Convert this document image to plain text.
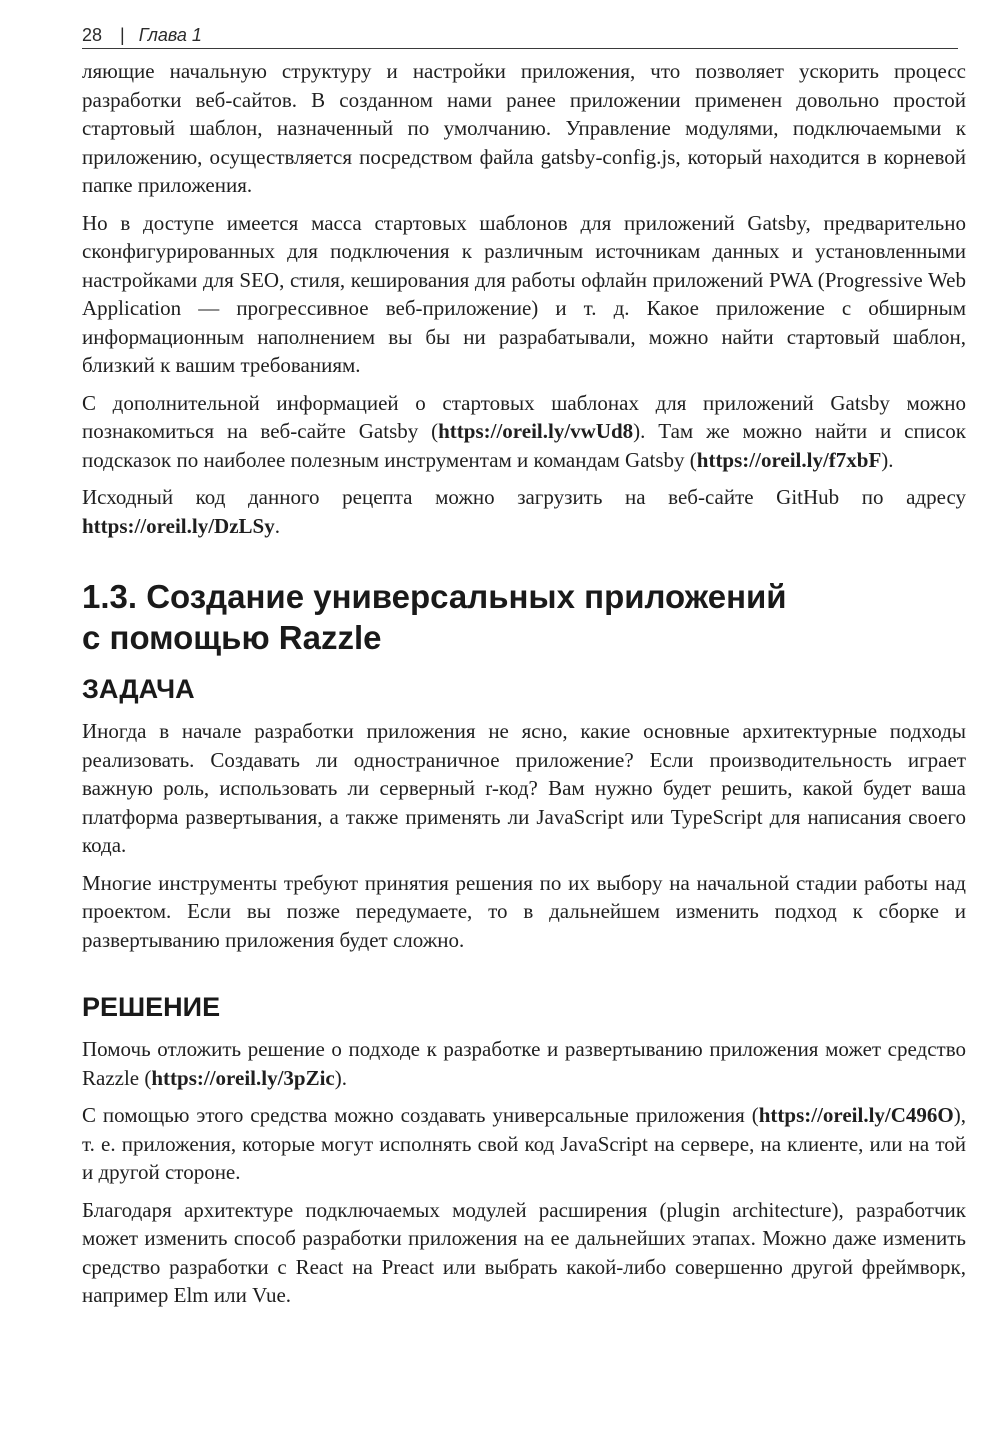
28 | Глава 1

ляющие начальную структуру и настройки приложения, что позволяет ускорить процесс разработки веб-сайтов. В созданном нами ранее приложении применен довольно простой стартовый шаблон, назначенный по умолчанию. Управление модулями, подключаемыми к приложению, осуществляется посредством файла gatsby-config.js, который находится в корневой папке приложения.

Но в доступе имеется масса стартовых шаблонов для приложений Gatsby, предварительно сконфигурированных для подключения к различным источникам данных и установленными настройками для SEO, стиля, кеширования для работы офлайн приложений PWA (Progressive Web Application — прогрессивное веб-приложение) и т. д. Какое приложение с обширным информационным наполнением вы бы ни разрабатывали, можно найти стартовый шаблон, близкий к вашим требованиям.

С дополнительной информацией о стартовых шаблонах для приложений Gatsby можно познакомиться на веб-сайте Gatsby (https://oreil.ly/vwUd8). Там же можно найти и список подсказок по наиболее полезным инструментам и командам Gatsby (https://oreil.ly/f7xbF).

Исходный код данного рецепта можно загрузить на веб-сайте GitHub по адресу https://oreil.ly/DzLSy.

1.3. Создание универсальных приложений
с помощью Razzle
ЗАДАЧА

Иногда в начале разработки приложения не ясно, какие основные архитектурные подходы реализовать. Создавать ли одностраничное приложение? Если производительность играет важную роль, использовать ли серверный r-код? Вам нужно будет решить, какой будет ваша платформа развертывания, а также применять ли JavaScript или TypeScript для написания своего кода.

Многие инструменты требуют принятия решения по их выбору на начальной стадии работы над проектом. Если вы позже передумаете, то в дальнейшем изменить подход к сборке и развертыванию приложения будет сложно.

РЕШЕНИЕ

Помочь отложить решение о подходе к разработке и развертыванию приложения может средство Razzle (https://oreil.ly/3pZic).

С помощью этого средства можно создавать универсальные приложения (https://oreil.ly/C496O), т. е. приложения, которые могут исполнять свой код JavaScript на сервере, на клиенте, или на той и другой стороне.

Благодаря архитектуре подключаемых модулей расширения (plugin architecture), разработчик может изменить способ разработки приложения на ее дальнейших этапах. Можно даже изменить средство разработки с React на Preact или выбрать какой-либо совершенно другой фреймворк, например Elm или Vue.
